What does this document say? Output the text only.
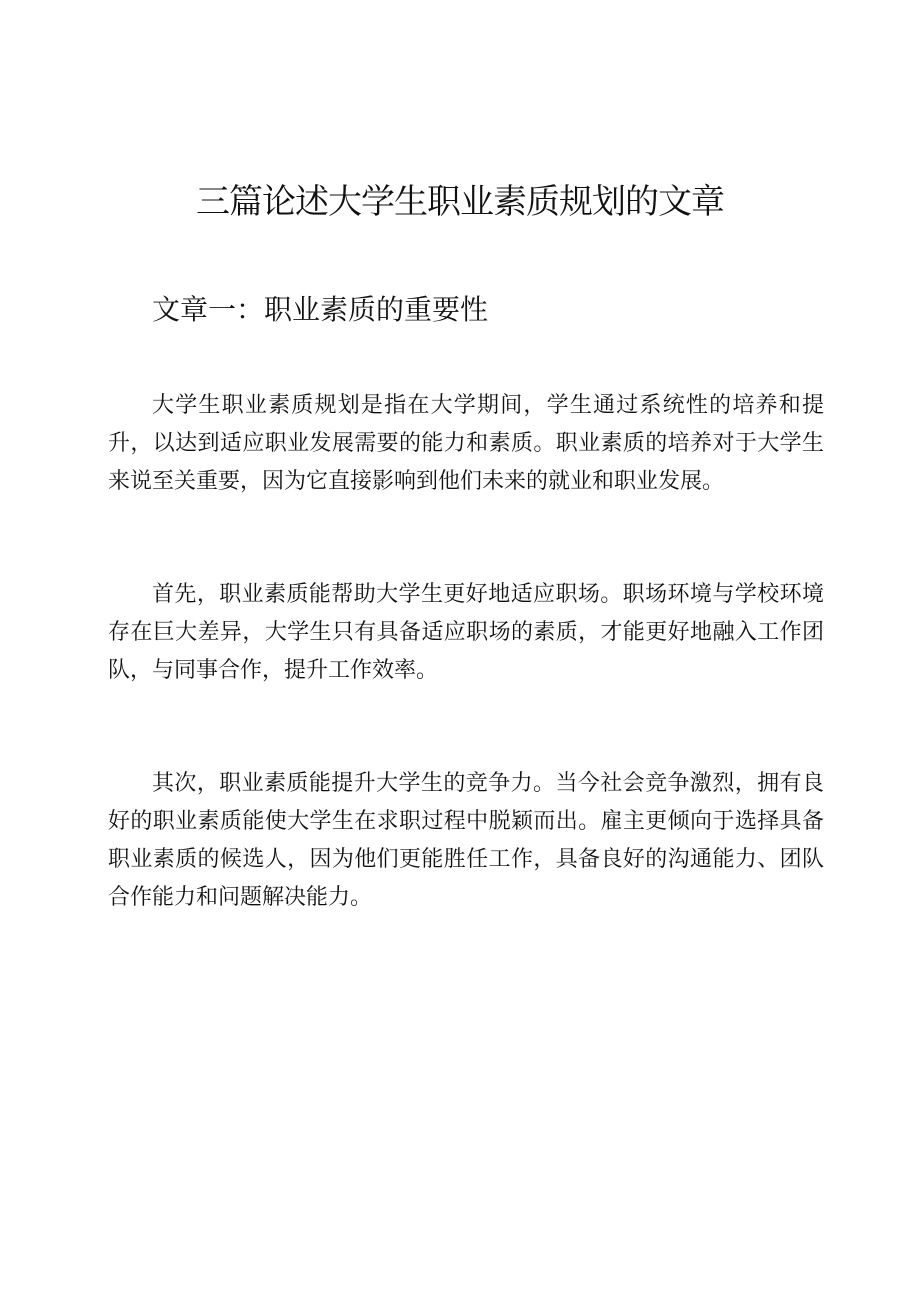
三篇论述大学生职业素质规划的文章
文章一：职业素质的重要性

大学生职业素质规划是指在大学期间，学生通过系统性的培养和提升，以达到适应职业发展需要的能力和素质。职业素质的培养对于大学生来说至关重要，因为它直接影响到他们未来的就业和职业发展。

首先，职业素质能帮助大学生更好地适应职场。职场环境与学校环境存在巨大差异，大学生只有具备适应职场的素质，才能更好地融入工作团队，与同事合作，提升工作效率。

其次，职业素质能提升大学生的竞争力。当今社会竞争激烈，拥有良好的职业素质能使大学生在求职过程中脱颖而出。雇主更倾向于选择具备职业素质的候选人，因为他们更能胜任工作，具备良好的沟通能力、团队合作能力和问题解决能力。
